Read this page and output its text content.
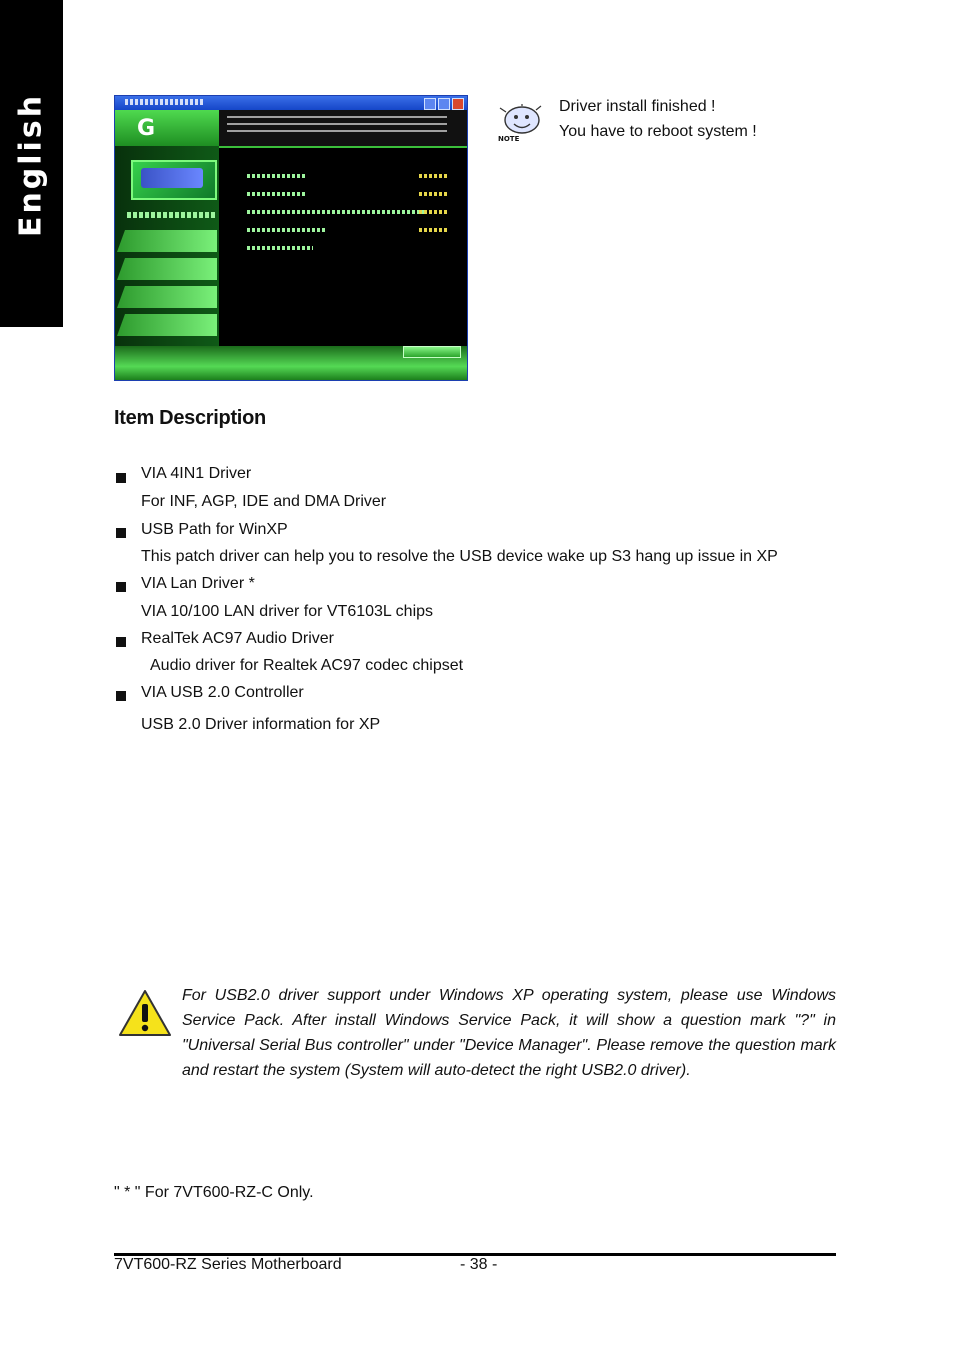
English	G	NOTE
Driver install finished !
You have to reboot system !
Item Description
VIA 4IN1 Driver
For INF, AGP, IDE and DMA Driver
USB Path for WinXP
This patch driver can help you to resolve the USB device wake up S3 hang up issue in XP
VIA Lan Driver *
VIA 10/100 LAN driver for VT6103L chips
RealTek AC97 Audio Driver
Audio driver for Realtek AC97 codec chipset
VIA USB 2.0 Controller
USB 2.0 Driver information for XP
For USB2.0 driver support under Windows XP operating system, please use Windows Service Pack. After install Windows Service Pack, it will show a question mark "?" in "Universal Serial Bus controller" under "Device Manager". Please remove the question mark and restart the system (System will auto-detect the right USB2.0 driver).
" * " For 7VT600-RZ-C Only.
7VT600-RZ Series Motherboard	- 38 -
